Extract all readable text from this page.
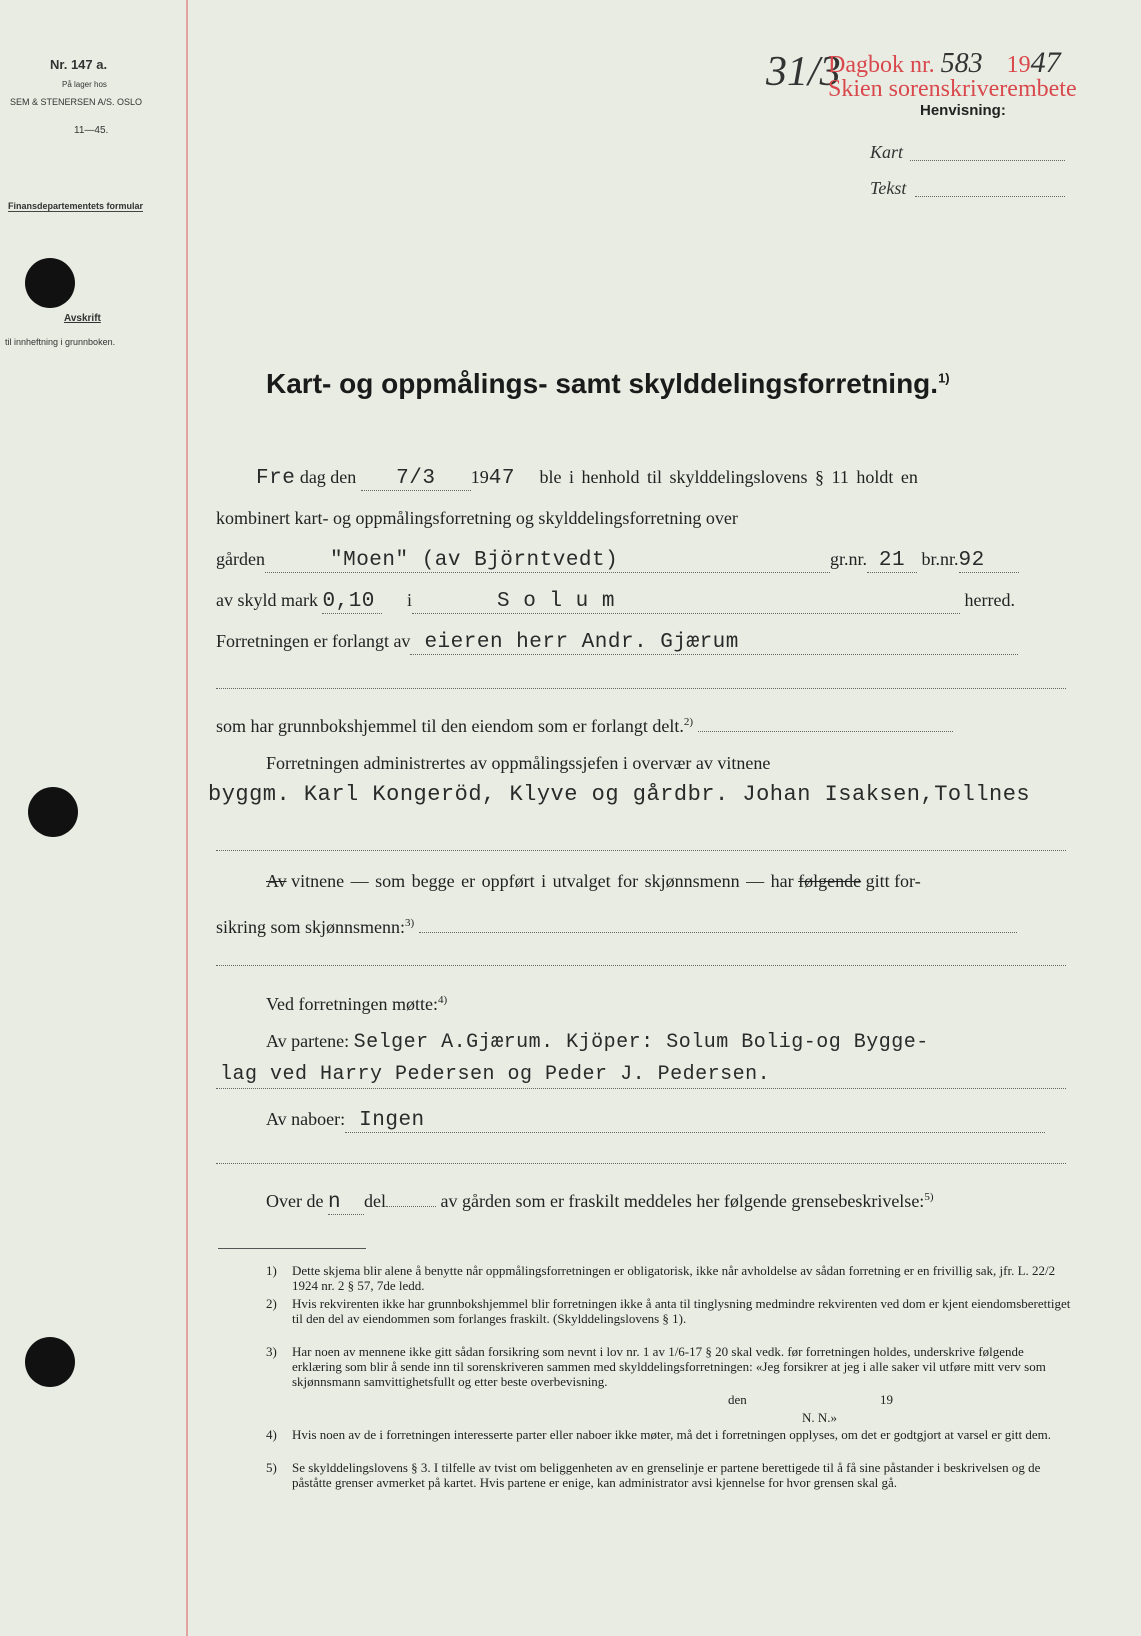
Nr. 147 a.
På lager hos
SEM & STENERSEN A/S. OSLO
11—45.
Finansdepartementets formular
Avskrift
til innheftning i grunnboken.
31/3
Dagbok nr. 583 1947
Skien sorenskriverembete
Henvisning:
Kart
Tekst
Kart- og oppmålings- samt skylddelingsforretning.$^{1)}$
Fre dag den 7/3 1947 ble i henhold til skylddelingslovens § 11 holdt en
kombinert kart- og oppmålingsforretning og skylddelingsforretning over
gården	"Moen" (av Björntvedt)	gr.nr. 21 br.nr.92
av skyld mark 0,10 i	S o l u m	herred.
Forretningen er forlangt av eieren herr Andr. Gjærum
som har grunnbokshjemmel til den eiendom som er forlangt delt.$^{2)}$
Forretningen administrertes av oppmålingssjefen i overvær av vitnene
byggm. Karl Kongeröd, Klyve og gårdbr. Johan Isaksen,Tollnes
Av vitnene — som begge er oppført i utvalget for skjønnsmenn — har følgende gitt for-
sikring som skjønnsmenn:$^{3)}$
Ved forretningen møtte:$^{4)}$
Av partene: Selger A.Gjærum. Kjöper: Solum Bolig-og Bygge-
lag ved Harry Pedersen og Peder J. Pedersen.
Av naboer: Ingen
Over de n del	av gården som er fraskilt meddeles her følgende grensebeskrivelse:$^{5)}$
1) Dette skjema blir alene å benytte når oppmålingsforretningen er obligatorisk, ikke når avholdelse av sådan forretning er en frivillig sak, jfr. L. 22/2 1924 nr. 2 § 57, 7de ledd.
2) Hvis rekvirenten ikke har grunnbokshjemmel blir forretningen ikke å anta til tinglysning medmindre rekvirenten ved dom er kjent eiendomsberettiget til den del av eiendommen som forlanges fraskilt. (Skylddelingslovens § 1).
3) Har noen av mennene ikke gitt sådan forsikring som nevnt i lov nr. 1 av 1/6-17 § 20 skal vedk. før forretningen holdes, underskrive følgende erklæring som blir å sende inn til sorenskriveren sammen med skylddelingsforretningen: «Jeg forsikrer at jeg i alle saker vil utføre mitt verv som skjønnsmann samvittighetsfullt og etter beste overbevisning.
den	19
N. N.»
4) Hvis noen av de i forretningen interesserte parter eller naboer ikke møter, må det i forretningen opplyses, om det er godtgjort at varsel er gitt dem.
5) Se skylddelingslovens § 3. I tilfelle av tvist om beliggenheten av en grenselinje er partene berettigede til å få sine påstander i beskrivelsen og de påståtte grenser avmerket på kartet. Hvis partene er enige, kan administrator avsi kjennelse for hvor grensen skal gå.
